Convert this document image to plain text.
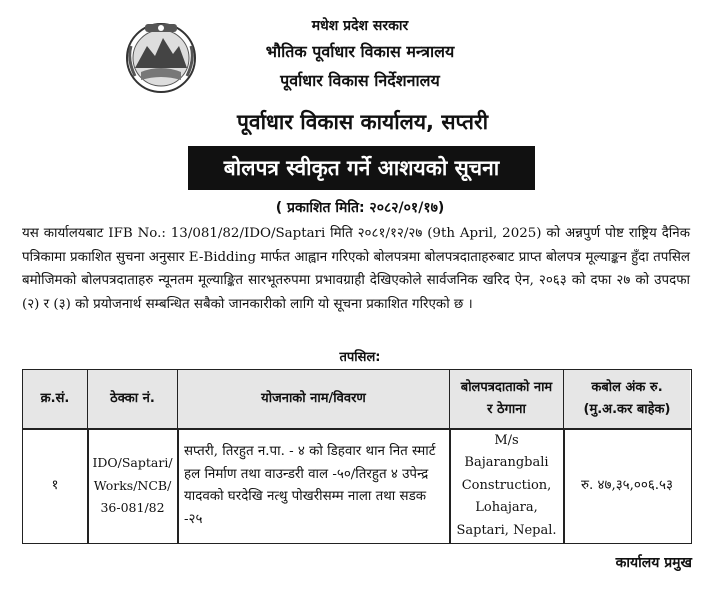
मधेश प्रदेश सरकार
भौतिक पूर्वाधार विकास मन्त्रालय
पूर्वाधार विकास निर्देशनालय
पूर्वाधार विकास कार्यालय, सप्तरी
बोलपत्र स्वीकृत गर्ने आशयको सूचना
( प्रकाशित मिति: २०८२/०१/१७)
यस कार्यालयबाट IFB No.: 13/081/82/IDO/Saptari मिति २०८१/१२/२७ (9th April, 2025) को अन्नपुर्ण पोष्ट राष्ट्रिय दैनिक पत्रिकामा प्रकाशित सुचना अनुसार E-Bidding मार्फत आह्वान गरिएको बोलपत्रमा बोलपत्रदाताहरुबाट प्राप्त बोलपत्र मूल्याङ्कन हुँदा तपसिल बमोजिमको बोलपत्रदाताहरु न्यूनतम मूल्याङ्कित सारभूतरुपमा प्रभावग्राही देखिएकोले सार्वजनिक खरिद ऐन, २०६३ को दफा २७ को उपदफा (२) र (३) को प्रयोजनार्थ सम्बन्धित सबैको जानकारीको लागि यो सूचना प्रकाशित गरिएको छ ।
तपसिल:
क्र.सं.	ठेक्का नं.	योजनाको नाम/विवरण
बोलपत्रदाताको नाम र ठेगाना
कबोल अंक रु. (मु.अ.कर बाहेक)
१
IDO/Saptari/ Works/NCB/ 36-081/82
सप्तरी, तिरहुत न.पा. - ४ को डिहवार थान नित स्मार्ट हल निर्माण तथा वाउन्डरी वाल -५०/तिरहुत ४ उपेन्द्र यादवको घरदेखि नत्थु पोखरीसम्म नाला तथा सडक -२५
M/s Bajarangbali Construction, Lohajara, Saptari, Nepal.
रु. ४७,३५,००६.५३
कार्यालय प्रमुख
